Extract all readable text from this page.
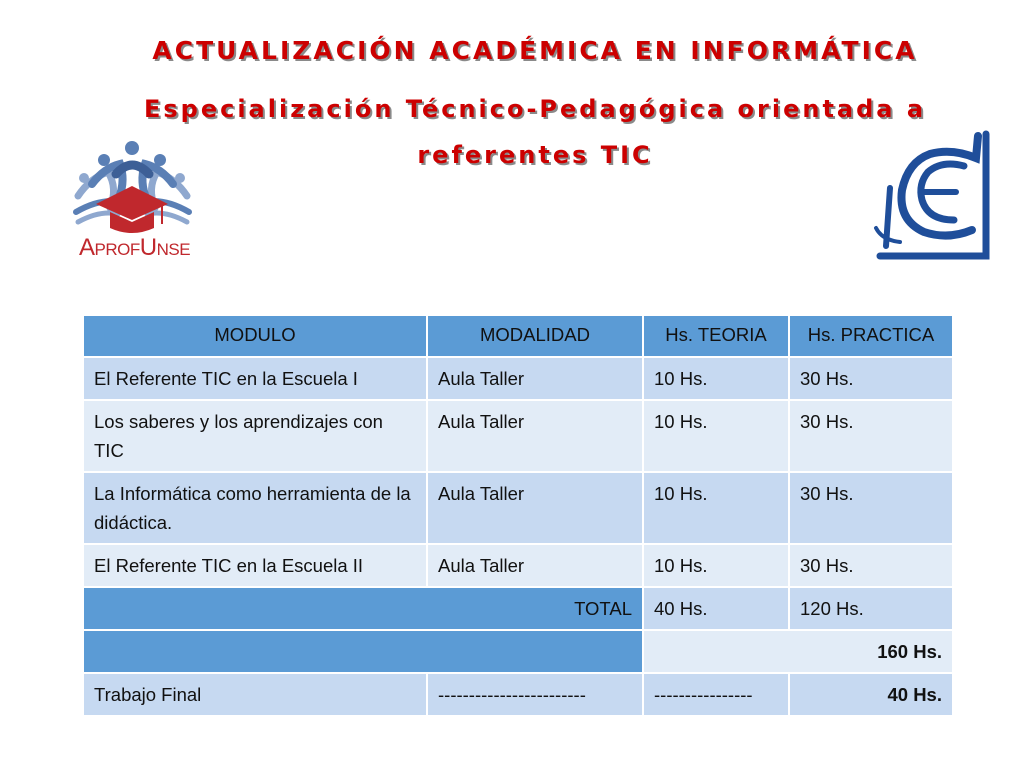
ACTUALIZACIÓN ACADÉMICA EN INFORMÁTICA
Especialización Técnico-Pedagógica orientada a referentes TIC
APROFUNSE
MODULO	MODALIDAD	Hs. TEORIA	Hs. PRACTICA
El Referente TIC en la Escuela I	Aula Taller	10 Hs.	30 Hs.
Los saberes y los aprendizajes con TIC	Aula Taller	10 Hs.	30 Hs.
La Informática como herramienta de la didáctica.	Aula Taller	10 Hs.	30 Hs.
El Referente TIC en la Escuela II	Aula Taller	10 Hs.	30 Hs.
TOTAL		40 Hs.	120 Hs.
		160 Hs.	
Trabajo Final	------------------------	----------------	40 Hs.
